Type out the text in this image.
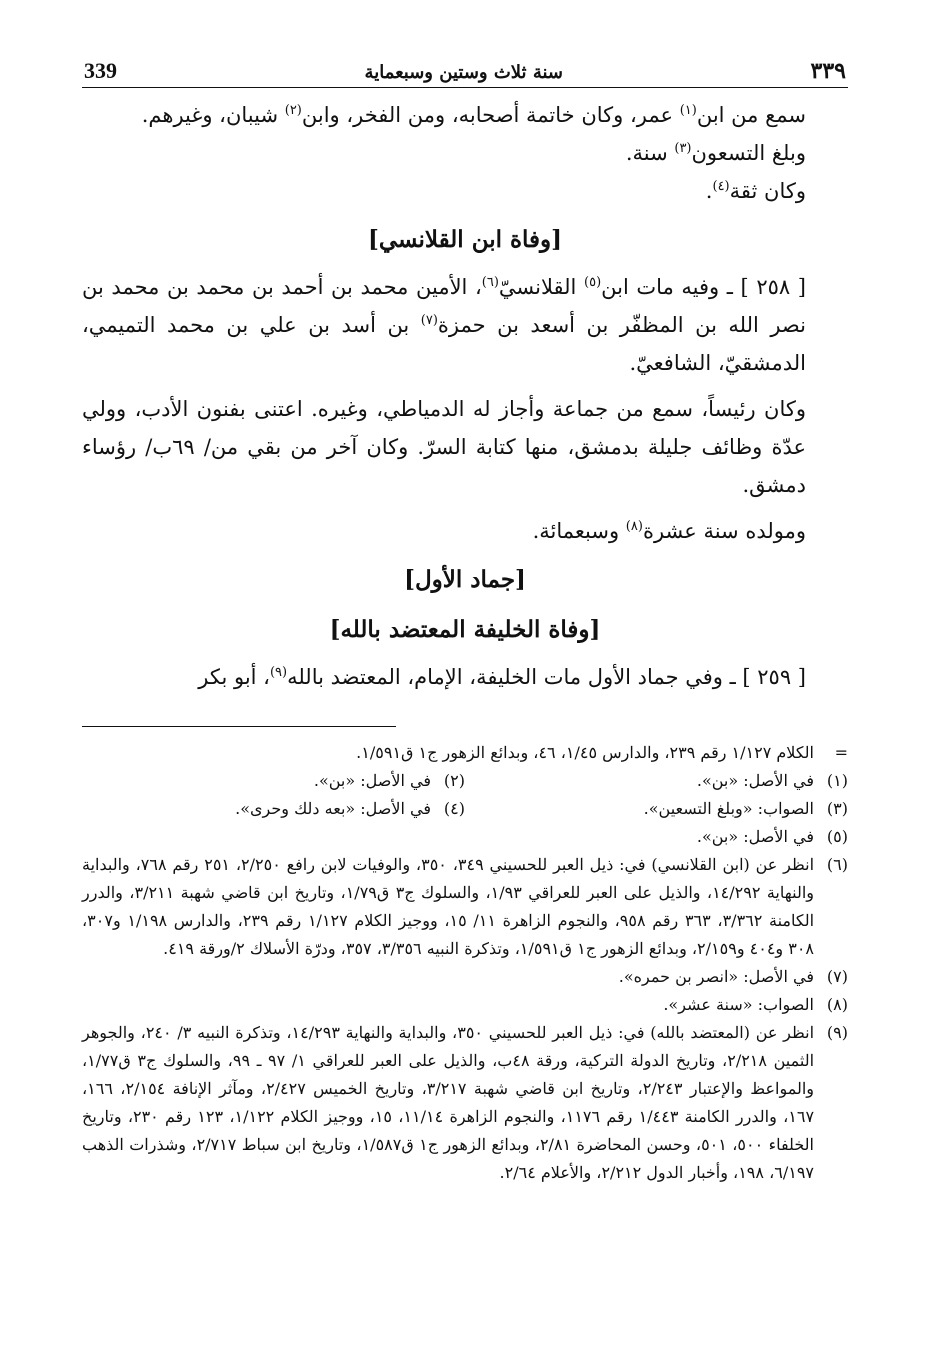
339	سنة ثلاث وستين وسبعماية	٣٣٩

سمع من ابن$^{(١)}$ عمر، وكان خاتمة أصحابه، ومن الفخر، وابن$^{(٢)}$ شيبان، وغيرهم.

وبلغ التسعون$^{(٣)}$ سنة.

وكان ثقة$^{(٤)}$.

[وفاة ابن القلانسي]

[ ٢٥٨ ] ـ وفيه مات ابن$^{(٥)}$ القلانسيّ$^{(٦)}$، الأمين محمد بن أحمد بن محمد بن محمد بن نصر الله بن المظفّر بن أسعد بن حمزة$^{(٧)}$ بن أسد بن علي بن محمد التميمي، الدمشقيّ، الشافعيّ.

وكان رئيساً، سمع من جماعة وأجاز له الدمياطي، وغيره. اعتنى بفنون الأدب، وولي عدّة وظائف جليلة بدمشق، منها كتابة السرّ. وكان آخر من بقي من/ ٦٩ب/ رؤساء دمشق.

ومولده سنة عشرة$^{(٨)}$ وسبعمائة.

[جماد الأول]
[وفاة الخليفة المعتضد بالله]

[ ٢٥٩ ] ـ وفي جماد الأول مات الخليفة، الإمام، المعتضد بالله$^{(٩)}$، أبو بكر

=
الكلام ١/١٢٧ رقم ٢٣٩، والدارس ١/٤٥، ٤٦، وبدائع الزهور ج١ ق١/٥٩١.
(١)
في الأصل: «بن».
(٢)
في الأصل: «بن».
(٣)
الصواب: «وبلغ التسعين».
(٤)
في الأصل: «بعه دلك وحرى».
(٥)
في الأصل: «بن».
(٦)
انظر عن (ابن القلانسي) في: ذيل العبر للحسيني ٣٤٩، ٣٥٠، والوفيات لابن رافع ٢/٢٥٠، ٢٥١ رقم ٧٦٨، والبداية والنهاية ١٤/٢٩٢، والذيل على العبر للعراقي ١/٩٣، والسلوك ج٣ ق١/٧٩، وتاريخ ابن قاضي شهبة ٣/٢١١، والدرر الكامنة ٣/٣٦٢، ٣٦٣ رقم ٩٥٨، والنجوم الزاهرة ١١/ ١٥، ووجيز الكلام ١/١٢٧ رقم ٢٣٩، والدارس ١/١٩٨ و٣٠٧، ٣٠٨ و٤٠٤ و٢/١٥٩، وبدائع الزهور ج١ ق١/٥٩١، وتذكرة النبيه ٣/٣٥٦، ٣٥٧، ودرّة الأسلاك ٢/ورقة ٤١٩.
(٧)
في الأصل: «انصر بن حمره».
(٨)
الصواب: «سنة عشر».
(٩)
انظر عن (المعتضد بالله) في: ذيل العبر للحسيني ٣٥٠، والبداية والنهاية ١٤/٢٩٣، وتذكرة النبيه ٣/ ٢٤٠، والجوهر الثمين ٢/٢١٨، وتاريخ الدولة التركية، ورقة ٤٨ب، والذيل على العبر للعراقي ١/ ٩٧ ـ ٩٩، والسلوك ج٣ ق١/٧٧، والمواعظ والإعتبار ٢/٢٤٣، وتاريخ ابن قاضي شهبة ٣/٢١٧، وتاريخ الخميس ٢/٤٢٧، ومآثر الإنافة ٢/١٥٤، ١٦٦، ١٦٧، والدرر الكامنة ١/٤٤٣ رقم ١١٧٦، والنجوم الزاهرة ١١/١٤، ١٥، ووجيز الكلام ١/١٢٢، ١٢٣ رقم ٢٣٠، وتاريخ الخلفاء ٥٠٠، ٥٠١، وحسن المحاضرة ٢/٨١، وبدائع الزهور ج١ ق١/٥٨٧، وتاريخ ابن سباط ٢/٧١٧، وشذرات الذهب ٦/١٩٧، ١٩٨، وأخبار الدول ٢/٢١٢، والأعلام ٢/٦٤.
